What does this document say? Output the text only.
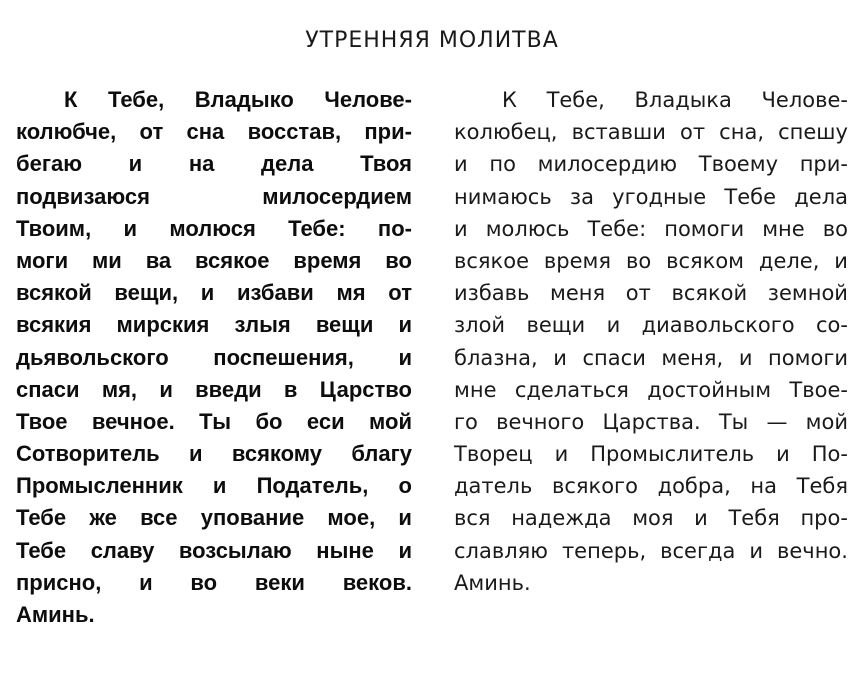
УТРЕННЯЯ МОЛИТВА
К Тебе, Владыко Челове-
колюбче, от сна восстав, при-
бегаю и на дела Твоя
подвизаюся	милосердием
Твоим, и молюся Тебе: по-
моги ми ва всякое время во
всякой вещи, и избави мя от
всякия мирския злыя вещи и
дьявольского поспешения, и
спаси мя, и введи в Царство
Твое вечное. Ты бо еси мой
Сотворитель и всякому благу
Промысленник и Податель, о
Тебе же все упование мое, и
Тебе славу возсылаю ныне и
присно, и во веки веков.
Аминь.
К Тебе, Владыка Челове-
колюбец, вставши от сна, спешу
и по милосердию Твоему при-
нимаюсь за угодные Тебе дела
и молюсь Тебе: помоги мне во
всякое время во всяком деле, и
избавь меня от всякой земной
злой вещи и диавольского со-
блазна, и спаси меня, и помоги
мне сделаться достойным Твое-
го вечного Царства. Ты — мой
Творец и Промыслитель и По-
датель всякого добра, на Тебя
вся надежда моя и Тебя про-
славляю теперь, всегда и вечно.
Аминь.
